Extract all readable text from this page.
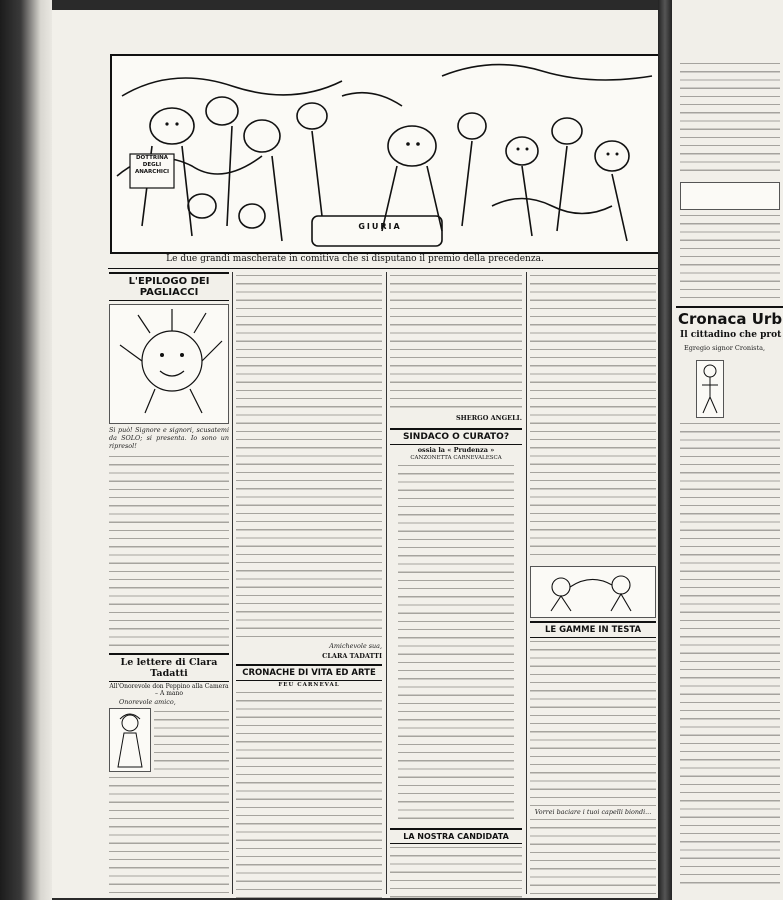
DOTTRINA DEGLI ANARCHICI
GIURIA
Le due grandi mascherate in comitiva che si disputano il premio della precedenza.

L'EPILOGO DEI PAGLIACCI

Si può! Signore e signori, scusatemi da SOLO; si presenta. Io sono un ripresol!

Le lettere di Clara Tadatti

All'Onorevole don Peppino alla Camera – A mano

Onorevole amico,

Amichevole sua,

CLARA TADATTI

CRONACHE DI VITA ED ARTE

FEU CARNEVAL

SHERGO ANGELI.

SINDACO O CURATO?

ossia la « Prudenza »

CANZONETTA CARNEVALESCA

LA NOSTRA CANDIDATA

LE GAMME IN TESTA

Vorrei baciare i tuoi capelli biondi...

Cronaca Urb
Il cittadino che prot
Egregio signor Cronista,
